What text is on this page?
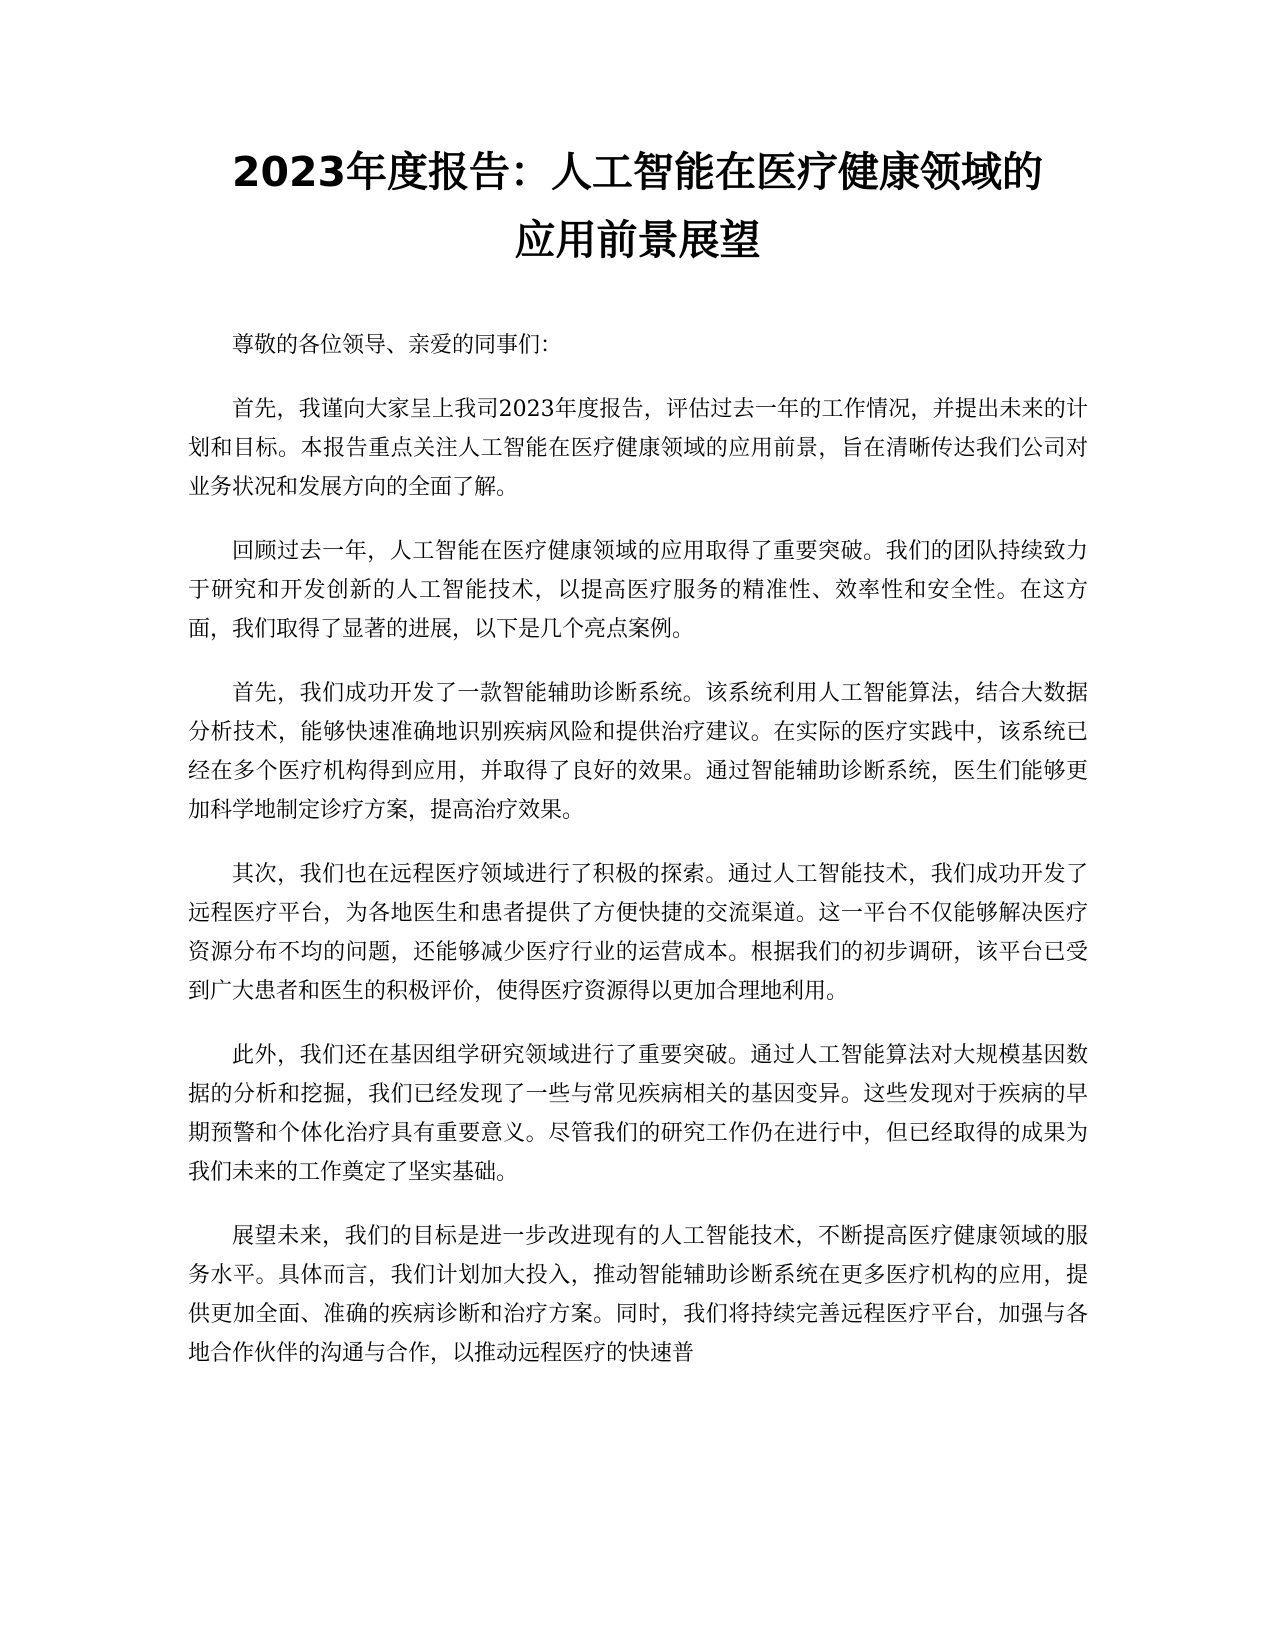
2023年度报告：人工智能在医疗健康领域的
应用前景展望

尊敬的各位领导、亲爱的同事们：

首先，我谨向大家呈上我司2023年度报告，评估过去一年的工作情况，并提出未来的计划和目标。本报告重点关注人工智能在医疗健康领域的应用前景，旨在清晰传达我们公司对业务状况和发展方向的全面了解。

回顾过去一年，人工智能在医疗健康领域的应用取得了重要突破。我们的团队持续致力于研究和开发创新的人工智能技术，以提高医疗服务的精准性、效率性和安全性。在这方面，我们取得了显著的进展，以下是几个亮点案例。

首先，我们成功开发了一款智能辅助诊断系统。该系统利用人工智能算法，结合大数据分析技术，能够快速准确地识别疾病风险和提供治疗建议。在实际的医疗实践中，该系统已经在多个医疗机构得到应用，并取得了良好的效果。通过智能辅助诊断系统，医生们能够更加科学地制定诊疗方案，提高治疗效果。

其次，我们也在远程医疗领域进行了积极的探索。通过人工智能技术，我们成功开发了远程医疗平台，为各地医生和患者提供了方便快捷的交流渠道。这一平台不仅能够解决医疗资源分布不均的问题，还能够减少医疗行业的运营成本。根据我们的初步调研，该平台已受到广大患者和医生的积极评价，使得医疗资源得以更加合理地利用。

此外，我们还在基因组学研究领域进行了重要突破。通过人工智能算法对大规模基因数据的分析和挖掘，我们已经发现了一些与常见疾病相关的基因变异。这些发现对于疾病的早期预警和个体化治疗具有重要意义。尽管我们的研究工作仍在进行中，但已经取得的成果为我们未来的工作奠定了坚实基础。

展望未来，我们的目标是进一步改进现有的人工智能技术，不断提高医疗健康领域的服务水平。具体而言，我们计划加大投入，推动智能辅助诊断系统在更多医疗机构的应用，提供更加全面、准确的疾病诊断和治疗方案。同时，我们将持续完善远程医疗平台，加强与各地合作伙伴的沟通与合作，以推动远程医疗的快速普
